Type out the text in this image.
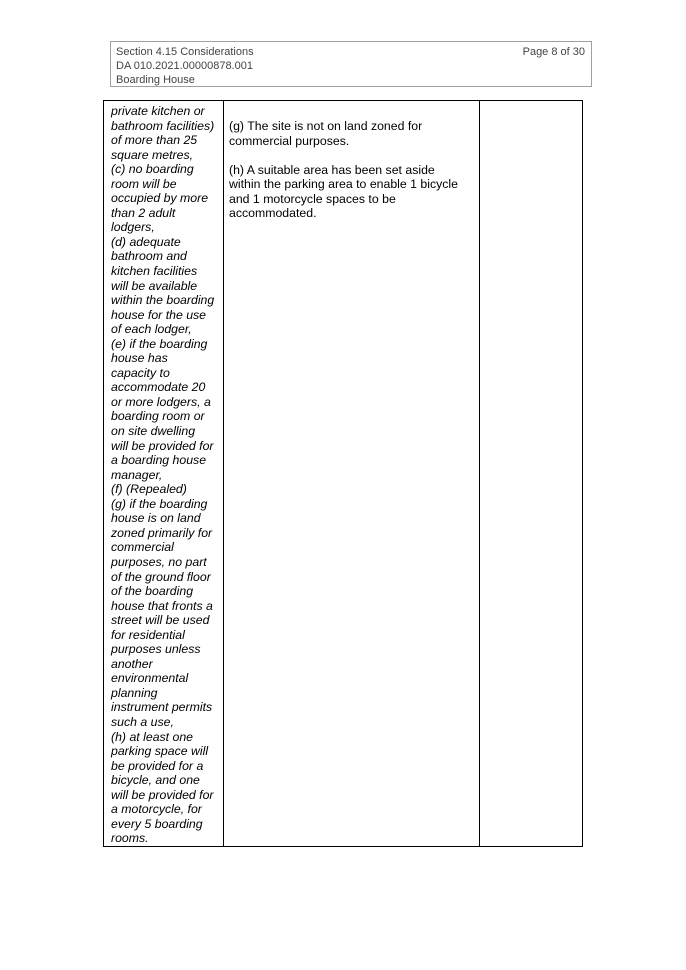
Section 4.15 Considerations
DA 010.2021.00000878.001
Boarding House
Page 8 of 30
private kitchen or
bathroom facilities)
of more than 25
square metres,
(c) no boarding
room will be
occupied by more
than 2 adult
lodgers,
(d) adequate
bathroom and
kitchen facilities
will be available
within the boarding
house for the use
of each lodger,
(e) if the boarding
house has
capacity to
accommodate 20
or more lodgers, a
boarding room or
on site dwelling
will be provided for
a boarding house
manager,
(f) (Repealed)
(g) if the boarding
house is on land
zoned primarily for
commercial
purposes, no part
of the ground floor
of the boarding
house that fronts a
street will be used
for residential
purposes unless
another
environmental
planning
instrument permits
such a use,
(h) at least one
parking space will
be provided for a
bicycle, and one
will be provided for
a motorcycle, for
every 5 boarding
rooms.
(g) The site is not on land zoned for
commercial purposes.
(h) A suitable area has been set aside
within the parking area to enable 1 bicycle
and 1 motorcycle spaces to be
accommodated.
